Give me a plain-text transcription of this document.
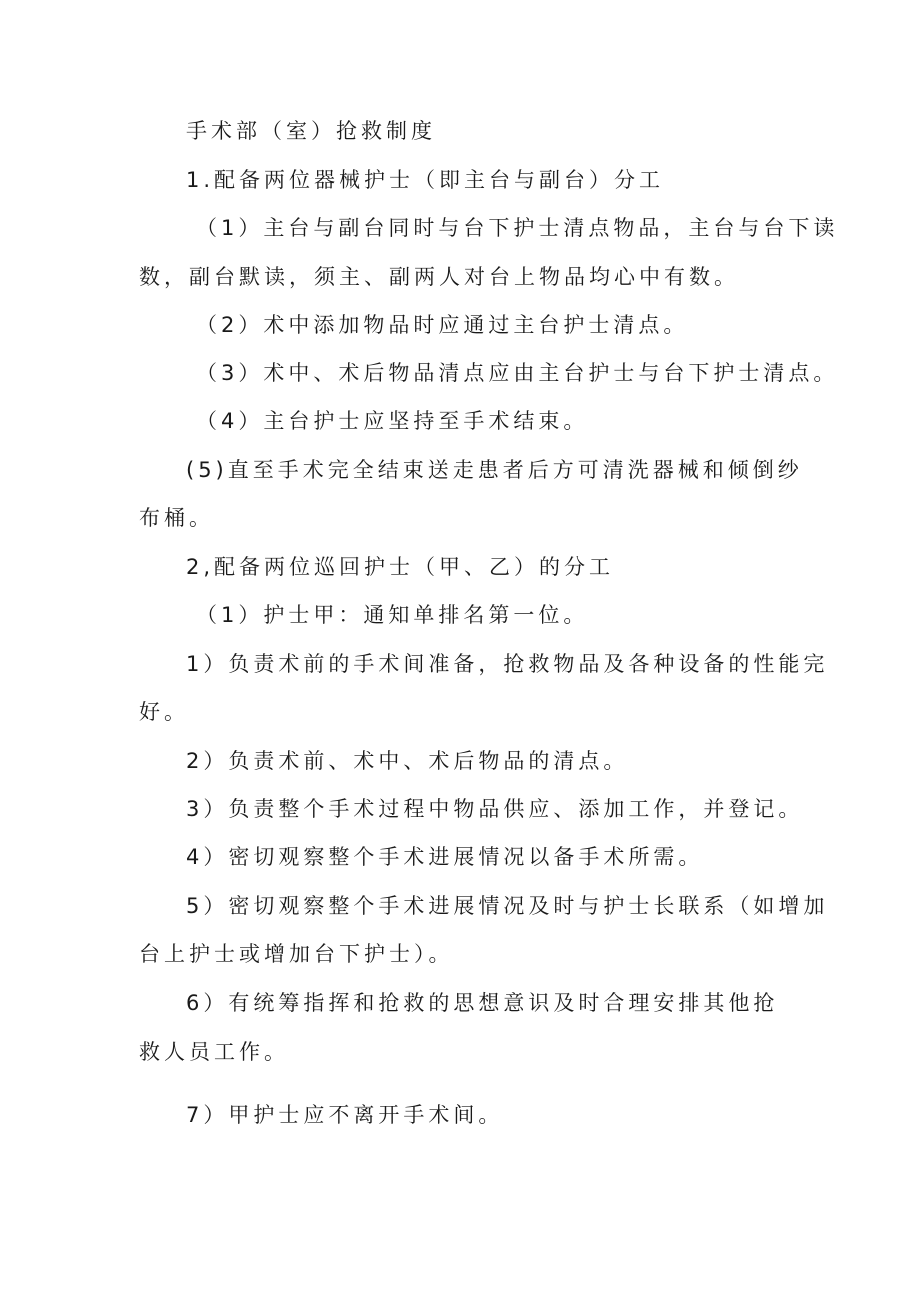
手术部（室）抢救制度
1.配备两位器械护士（即主台与副台）分工
（1）主台与副台同时与台下护士清点物品，主台与台下读
数，副台默读，须主、副两人对台上物品均心中有数。
（2）术中添加物品时应通过主台护士清点。
（3）术中、术后物品清点应由主台护士与台下护士清点。
（4）主台护士应坚持至手术结束。
(5)直至手术完全结束送走患者后方可清洗器械和倾倒纱
布桶。
2,配备两位巡回护士（甲、乙）的分工
（1）护士甲：通知单排名第一位。
1）负责术前的手术间准备，抢救物品及各种设备的性能完
好。
2）负责术前、术中、术后物品的清点。
3）负责整个手术过程中物品供应、添加工作，并登记。
4）密切观察整个手术进展情况以备手术所需。
5）密切观察整个手术进展情况及时与护士长联系（如增加
台上护士或增加台下护士）。
6）有统筹指挥和抢救的思想意识及时合理安排其他抢
救人员工作。
7）甲护士应不离开手术间。
